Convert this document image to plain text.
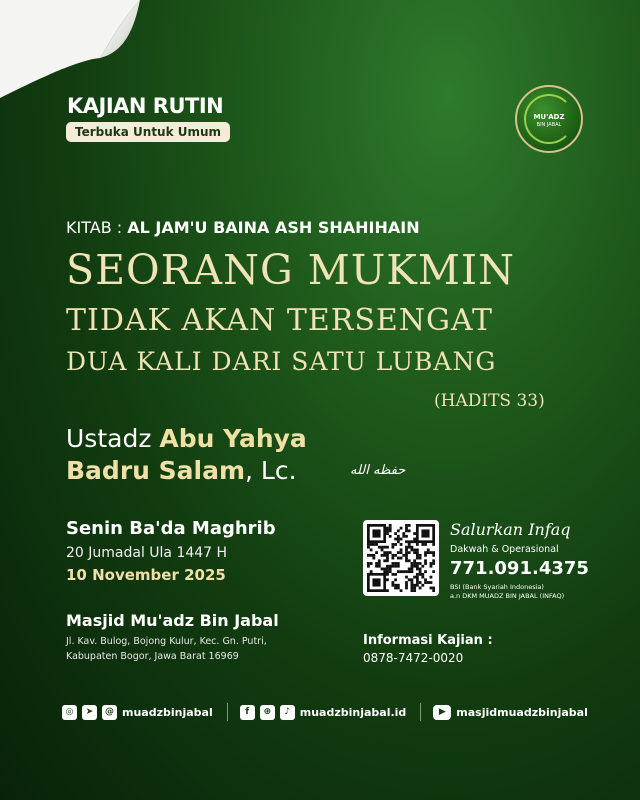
KAJIAN RUTIN
Terbuka Untuk Umum
MU'ADZ
BIN JABAL
KITAB : AL JAM'U BAINA ASH SHAHIHAIN
SEORANG MUKMIN
TIDAK AKAN TERSENGAT
DUA KALI DARI SATU LUBANG
(HADITS 33)
Ustadz Abu Yahya
Badru Salam, Lc.	حفظه الله
Senin Ba'da Maghrib
20 Jumadal Ula 1447 H
10 November 2025
Masjid Mu'adz Bin Jabal
Jl. Kav. Bulog, Bojong Kulur, Kec. Gn. Putri,
Kabupaten Bogor, Jawa Barat 16969
Salurkan Infaq
Dakwah & Operasional
771.091.4375
BSI (Bank Syariah Indonesia)
a.n DKM MUADZ BIN JABAL (INFAQ)
Informasi Kajian :
0878-7472-0020
◎	➤	@ muadzbinjabal	f	⊕	♪ muadzbinjabal.id	▶ masjidmuadzbinjabal
